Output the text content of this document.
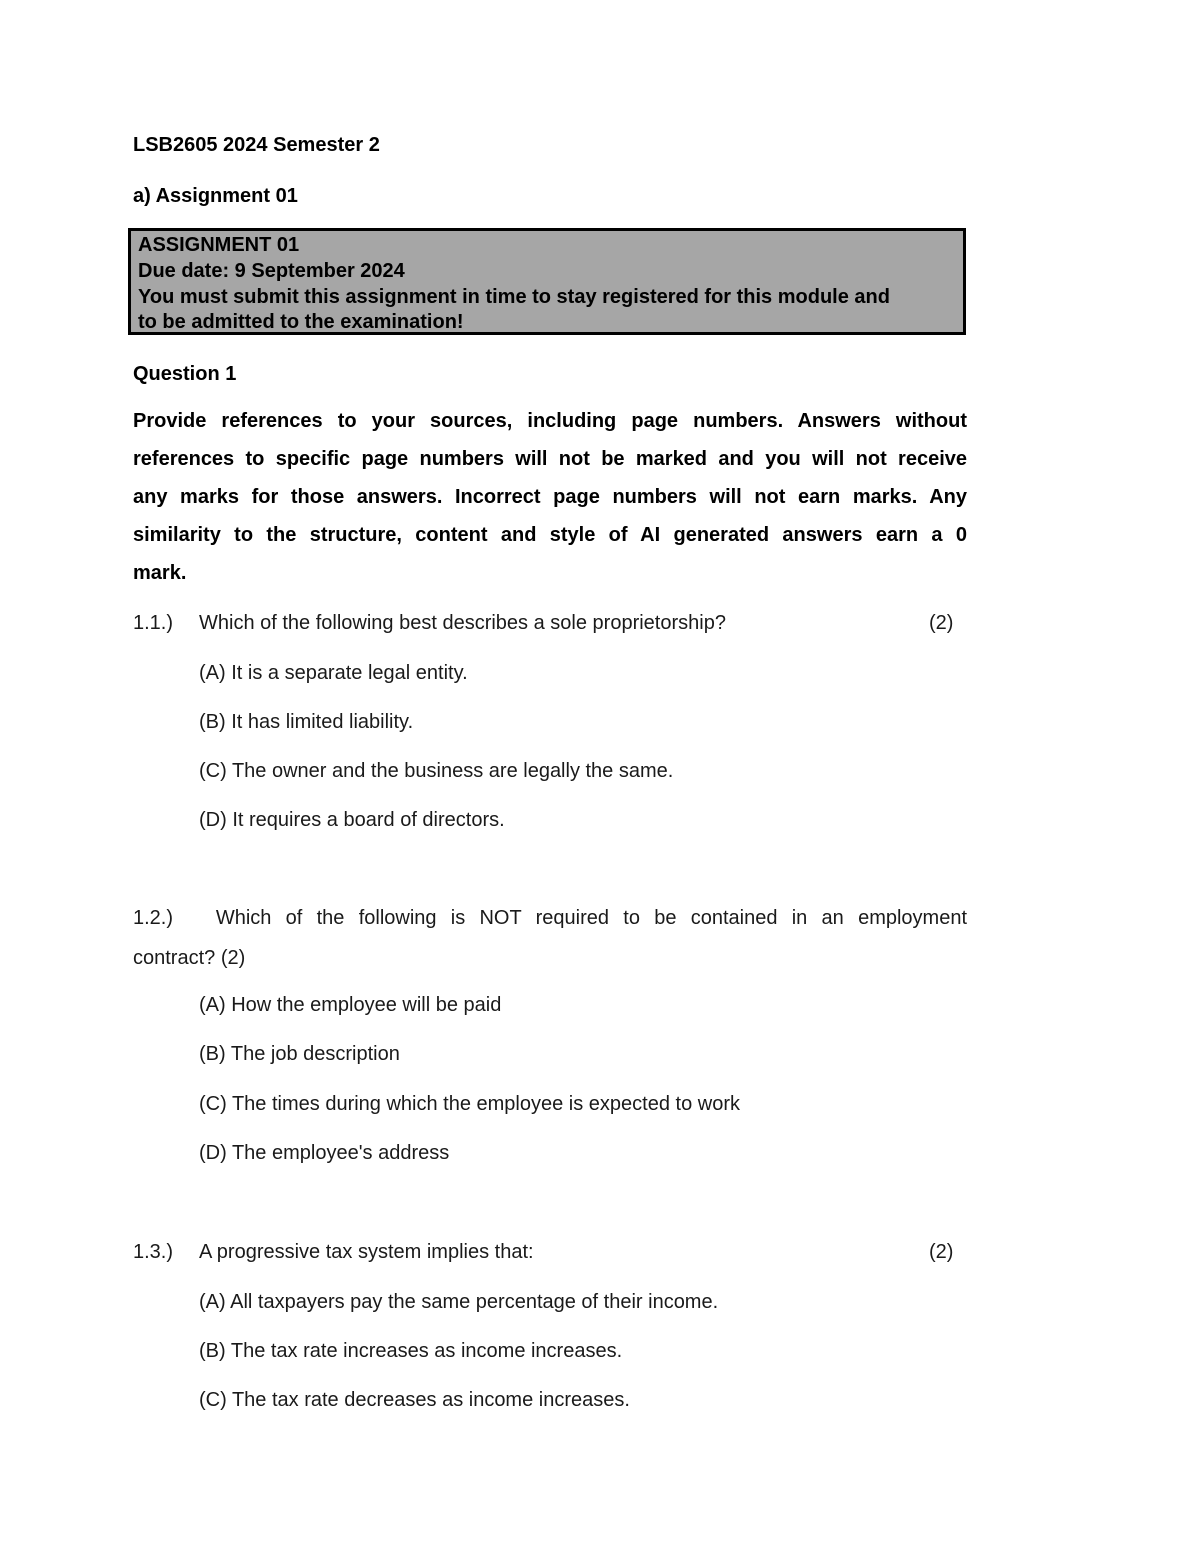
LSB2605 2024 Semester 2
a) Assignment 01
ASSIGNMENT 01
Due date: 9 September 2024
You must submit this assignment in time to stay registered for this module and
to be admitted to the examination!
Question 1
Provide references to your sources, including page numbers. Answers without
references to specific page numbers will not be marked and you will not receive
any marks for those answers. Incorrect page numbers will not earn marks. Any
similarity to the structure, content and style of AI generated answers earn a 0
mark.
1.1.) Which of the following best describes a sole proprietorship?	(2)
(A) It is a separate legal entity.
(B) It has limited liability.
(C) The owner and the business are legally the same.
(D) It requires a board of directors.
1.2.) Which of the following is NOT required to be contained in an employment
contract? (2)
(A) How the employee will be paid
(B) The job description
(C) The times during which the employee is expected to work
(D) The employee's address
1.3.) A progressive tax system implies that:	(2)
(A) All taxpayers pay the same percentage of their income.
(B) The tax rate increases as income increases.
(C) The tax rate decreases as income increases.
